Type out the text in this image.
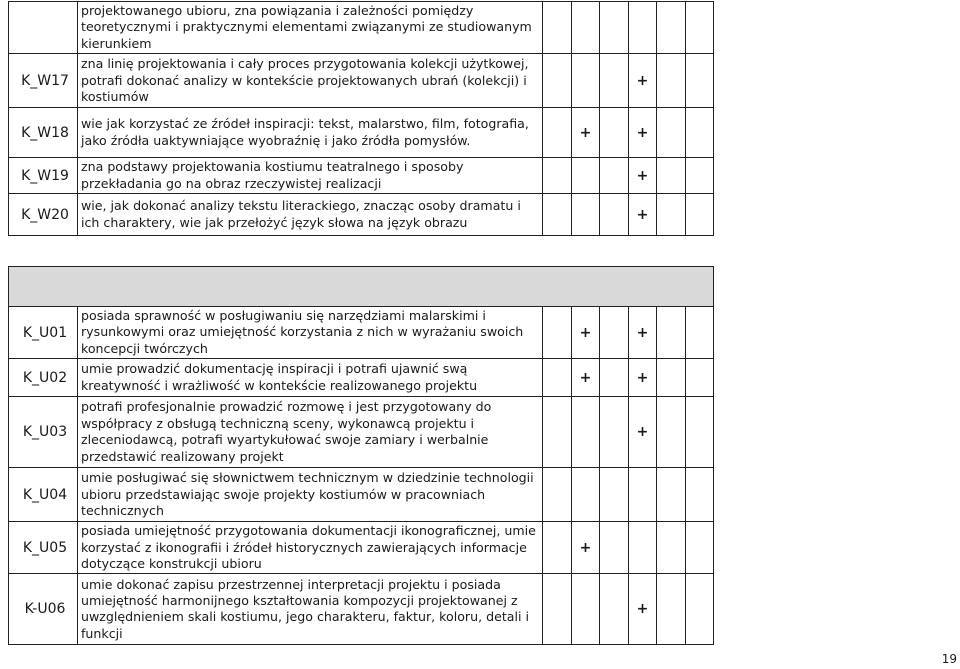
	projektowanego ubioru, zna powiązania i zależności pomiędzy teoretycznymi i praktycznymi elementami związanymi ze studiowanym kierunkiem						
K_W17	zna linię projektowania i cały proces przygotowania kolekcji użytkowej, potrafi dokonać analizy w kontekście projektowanych ubrań (kolekcji) i kostiumów				+		
K_W18	wie jak korzystać ze źródeł inspiracji: tekst, malarstwo, film, fotografia, jako źródła uaktywniające wyobraźnię i jako źródła pomysłów.		+		+		
K_W19	zna podstawy projektowania kostiumu teatralnego i sposoby przekładania go na obraz rzeczywistej realizacji				+		
K_W20	wie, jak dokonać analizy tekstu literackiego, znacząc osoby dramatu i ich charaktery, wie jak przełożyć język słowa na język obrazu				+		

K_U01	posiada sprawność w posługiwaniu się narzędziami malarskimi i rysunkowymi oraz umiejętność korzystania z nich w wyrażaniu swoich koncepcji twórczych		+		+		
K_U02	umie prowadzić dokumentację inspiracji i potrafi ujawnić swą kreatywność i wrażliwość w kontekście realizowanego projektu		+		+		
K_U03	potrafi profesjonalnie prowadzić rozmowę i jest przygotowany do współpracy z obsługą techniczną sceny, wykonawcą projektu i zleceniodawcą, potrafi wyartykułować swoje zamiary i werbalnie przedstawić realizowany projekt				+		
K_U04	umie posługiwać się słownictwem technicznym w dziedzinie technologii ubioru przedstawiając swoje projekty kostiumów w pracowniach technicznych						
K_U05	posiada umiejętność przygotowania dokumentacji ikonograficznej, umie korzystać z ikonografii i źródeł historycznych zawierających informacje dotyczące konstrukcji ubioru		+				
K-U06	umie dokonać zapisu przestrzennej interpretacji projektu i posiada umiejętność harmonijnego kształtowania kompozycji projektowanej z uwzględnieniem skali kostiumu, jego charakteru, faktur, koloru, detali i funkcji				+		
19
